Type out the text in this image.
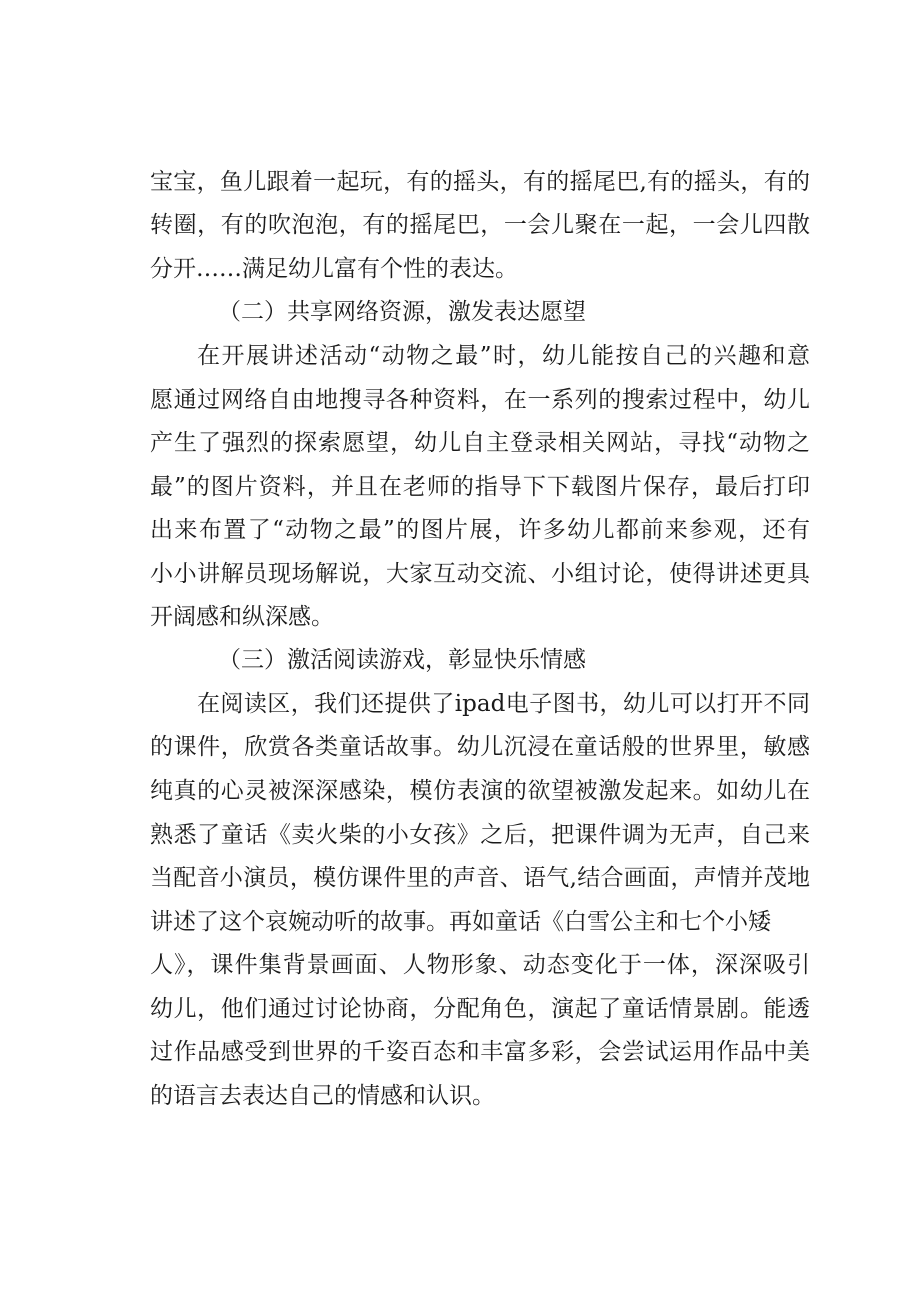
宝宝，鱼儿跟着一起玩，有的摇头，有的摇尾巴,有的摇头，有的
转圈，有的吹泡泡，有的摇尾巴，一会儿聚在一起，一会儿四散
分开……满足幼儿富有个性的表达。
（二）共享网络资源，激发表达愿望
在开展讲述活动“动物之最”时，幼儿能按自己的兴趣和意
愿通过网络自由地搜寻各种资料，在一系列的搜索过程中，幼儿
产生了强烈的探索愿望，幼儿自主登录相关网站，寻找“动物之
最”的图片资料，并且在老师的指导下下载图片保存，最后打印
出来布置了“动物之最”的图片展，许多幼儿都前来参观，还有
小小讲解员现场解说，大家互动交流、小组讨论，使得讲述更具
开阔感和纵深感。
（三）激活阅读游戏，彰显快乐情感
在阅读区，我们还提供了ipad电子图书，幼儿可以打开不同
的课件，欣赏各类童话故事。幼儿沉浸在童话般的世界里，敏感
纯真的心灵被深深感染，模仿表演的欲望被激发起来。如幼儿在
熟悉了童话《卖火柴的小女孩》之后，把课件调为无声，自己来
当配音小演员，模仿课件里的声音、语气,结合画面，声情并茂地
讲述了这个哀婉动听的故事。再如童话《白雪公主和七个小矮
人》，课件集背景画面、人物形象、动态变化于一体，深深吸引
幼儿，他们通过讨论协商，分配角色，演起了童话情景剧。能透
过作品感受到世界的千姿百态和丰富多彩，会尝试运用作品中美
的语言去表达自己的情感和认识。
